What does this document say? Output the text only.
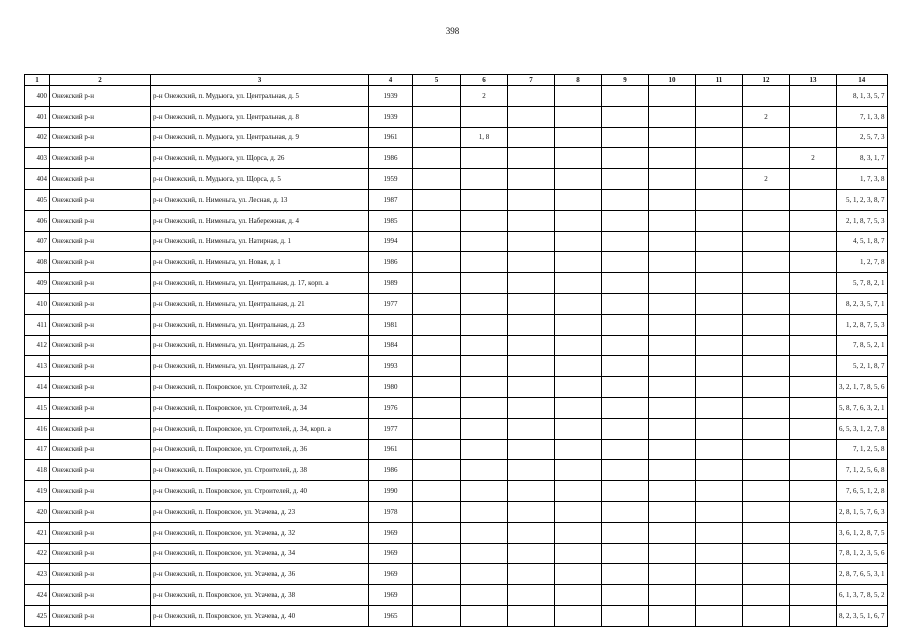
398
1	2	3	4	5	6	7	8	9	10	11	12	13	14
400	Онежский р-н	р-н Онежский, п. Мудьюга, ул. Центральная, д. 5	1939		2								8, 1, 3, 5, 7
401	Онежский р-н	р-н Онежский, п. Мудьюга, ул. Центральная, д. 8	1939								2		7, 1, 3, 8
402	Онежский р-н	р-н Онежский, п. Мудьюга, ул. Центральная, д. 9	1961		1, 8								2, 5, 7, 3
403	Онежский р-н	р-н Онежский, п. Мудьюга, ул. Щорса, д. 26	1986									2	8, 3, 1, 7
404	Онежский р-н	р-н Онежский, п. Мудьюга, ул. Щорса, д. 5	1959								2		1, 7, 3, 8
405	Онежский р-н	р-н Онежский, п. Нименьга, ул. Лесная, д. 13	1987										5, 1, 2, 3, 8, 7
406	Онежский р-н	р-н Онежский, п. Нименьга, ул. Набережная, д. 4	1985										2, 1, 8, 7, 5, 3
407	Онежский р-н	р-н Онежский, п. Нименьга, ул. Натирная, д. 1	1994										4, 5, 1, 8, 7
408	Онежский р-н	р-н Онежский, п. Нименьга, ул. Новая, д. 1	1986										1, 2, 7, 8
409	Онежский р-н	р-н Онежский, п. Нименьга, ул. Центральная, д. 17, корп. а	1989										5, 7, 8, 2, 1
410	Онежский р-н	р-н Онежский, п. Нименьга, ул. Центральная, д. 21	1977										8, 2, 3, 5, 7, 1
411	Онежский р-н	р-н Онежский, п. Нименьга, ул. Центральная, д. 23	1981										1, 2, 8, 7, 5, 3
412	Онежский р-н	р-н Онежский, п. Нименьга, ул. Центральная, д. 25	1984										7, 8, 5, 2, 1
413	Онежский р-н	р-н Онежский, п. Нименьга, ул. Центральная, д. 27	1993										5, 2, 1, 8, 7
414	Онежский р-н	р-н Онежский, п. Покровское, ул. Строителей, д. 32	1980										3, 2, 1, 7, 8, 5, 6
415	Онежский р-н	р-н Онежский, п. Покровское, ул. Строителей, д. 34	1976										5, 8, 7, 6, 3, 2, 1
416	Онежский р-н	р-н Онежский, п. Покровское, ул. Строителей, д. 34, корп. а	1977										6, 5, 3, 1, 2, 7, 8
417	Онежский р-н	р-н Онежский, п. Покровское, ул. Строителей, д. 36	1961										7, 1, 2, 5, 8
418	Онежский р-н	р-н Онежский, п. Покровское, ул. Строителей, д. 38	1986										7, 1, 2, 5, 6, 8
419	Онежский р-н	р-н Онежский, п. Покровское, ул. Строителей, д. 40	1990										7, 6, 5, 1, 2, 8
420	Онежский р-н	р-н Онежский, п. Покровское, ул. Усачева, д. 23	1978										2, 8, 1, 5, 7, 6, 3
421	Онежский р-н	р-н Онежский, п. Покровское, ул. Усачева, д. 32	1969										3, 6, 1, 2, 8, 7, 5
422	Онежский р-н	р-н Онежский, п. Покровское, ул. Усачева, д. 34	1969										7, 8, 1, 2, 3, 5, 6
423	Онежский р-н	р-н Онежский, п. Покровское, ул. Усачева, д. 36	1969										2, 8, 7, 6, 5, 3, 1
424	Онежский р-н	р-н Онежский, п. Покровское, ул. Усачева, д. 38	1969										6, 1, 3, 7, 8, 5, 2
425	Онежский р-н	р-н Онежский, п. Покровское, ул. Усачева, д. 40	1965										8, 2, 3, 5, 1, 6, 7
